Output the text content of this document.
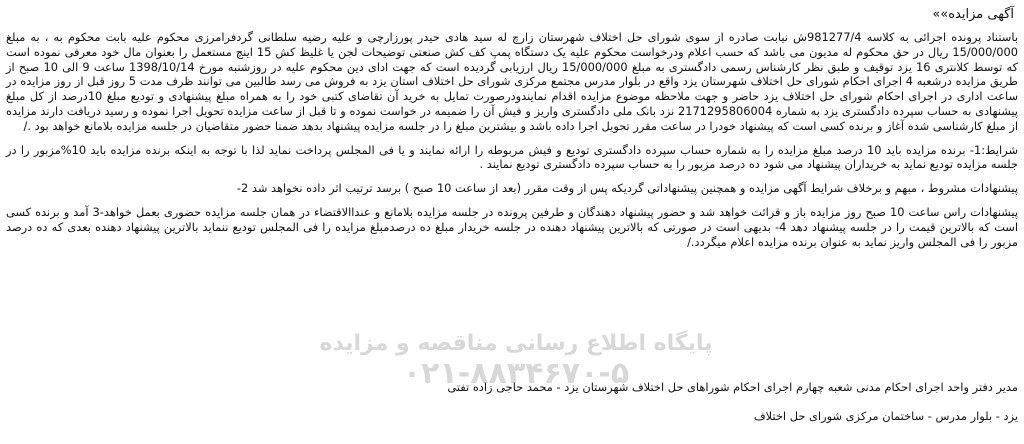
پایگاه اطلاع رسانی مناقصه و مزایده
۰۲۱-۸۸۳۴۶۷۰-۵
آگهی مزایده»»

باستناد پرونده اجرائی به کلاسه 981277/4ش نیابت صادره از سوی شورای حل اختلاف شهرستان زارچ له سید هادی حیدر پورزارچی و علیه رضیه سلطانی گردفرامرزی محکوم علیه بابت محکوم به ، به مبلغ 15/000/000 ریال در حق محکوم له مدیون می باشد که حسب اعلام ودرخواست محکوم علیه یک دستگاه پمپ کف کش صنعتی توضیحات لجن یا غلیظ کش 15 اینچ مستعمل را بعنوان مال خود معرفی نموده است که توسط کلانتری 16 یزد توقیف و طبق نظر کارشناس رسمی دادگستری به مبلغ 15/000/000 ریال ارزیابی گردیده است که جهت ادای دین محکوم علیه در روزشنبه مورخ 1398/10/14 ساعت 9 الی 10 صبح از طریق مزایده درشعبه 4 اجرای احکام شورای حل اختلاف شهرستان یزد واقع در بلوار مدرس مجتمع مرکزی شورای حل اختلاف استان یزد به فروش می رسد طالبین می توانند ظرف مدت 5 روز قبل از روز مزایده در ساعت اداری در اجرای احکام شورای حل اختلاف یزد حاضر و جهت ملاحظه موضوع مزایده اقدام نمایندودرصورت تمایل به خرید آن تقاضای کتبی خود را به همراه مبلغ پیشنهادی و تودیع مبلغ 10درصد از کل مبلغ پیشنهادی به حساب سپرده دادگستری یزد به شماره 2171295806004 نزد بانک ملی دادگستری واریز و فیش آن را ضمیمه در خواست نموده و تا قبل از ساعت مزایده تحویل اجرا نموده و رسید دریافت دارند مزایده از مبلغ کارشناسی شده آغاز و برنده کسی است که پیشنهاد خودرا در ساعت مقرر تحویل اجرا داده باشد و بیشترین مبلغ را در جلسه مزایده پیشنهاد بدهد ضمنا حضور متقاضیان در جلسه مزایده بلامانع خواهد بود ./

شرایط:1- برنده مزایده باید 10 درصد مبلغ مزایده را به شماره حساب سپرده دادگستری تودیع و فیش مربوطه را ارائه نمایند و یا فی المجلس پرداخت نماید لذا با توجه به اینکه برنده مزایده باید 10%مزبور را در جلسه مزایده تودیع نماید به خریداران پیشنهاد می شود ده درصد مزبور را به حساب سپرده دادگستری تودیع نمایند .

پیشنهادات مشروط ، مبهم و برخلاف شرایط آگهی مزایده و همچنین پیشنهاداتی گردیکه پس از وقت مقرر (بعد از ساعت 10 صبح ) برسد ترتیب اثر داده نخواهد شد 2-

پیشنهادات راس ساعت 10 صبح روز مزایده باز و قرائت خواهد شد و حضور پیشنهاد دهندگان و طرفین پرونده در جلسه مزایده بلامانع و عنداالاقتضاء در همان جلسه مزایده حضوری بعمل خواهد-3 آمد و برنده کسی است که بالاترین قیمت را در جلسه پیشنهاد دهد 4- بدیهی است در صورتی که بالاترین پیشنهاد دهنده در جلسه خریدار مبلغ ده درصدمبلغ مزایده را فی المجلس تودیع ننماید بالاترین پیشنهاد دهنده بعدی که ده درصد مزبور را فی المجلس واریز نماید به عنوان برنده مزایده اعلام میگردد./

مدیر دفتر واحد اجرای احکام مدنی شعبه چهارم اجرای احکام شوراهای حل اختلاف شهرستان یزد - محمد حاجی زاده تفتی

یزد - بلوار مدرس - ساختمان مرکزی شورای حل اختلاف
